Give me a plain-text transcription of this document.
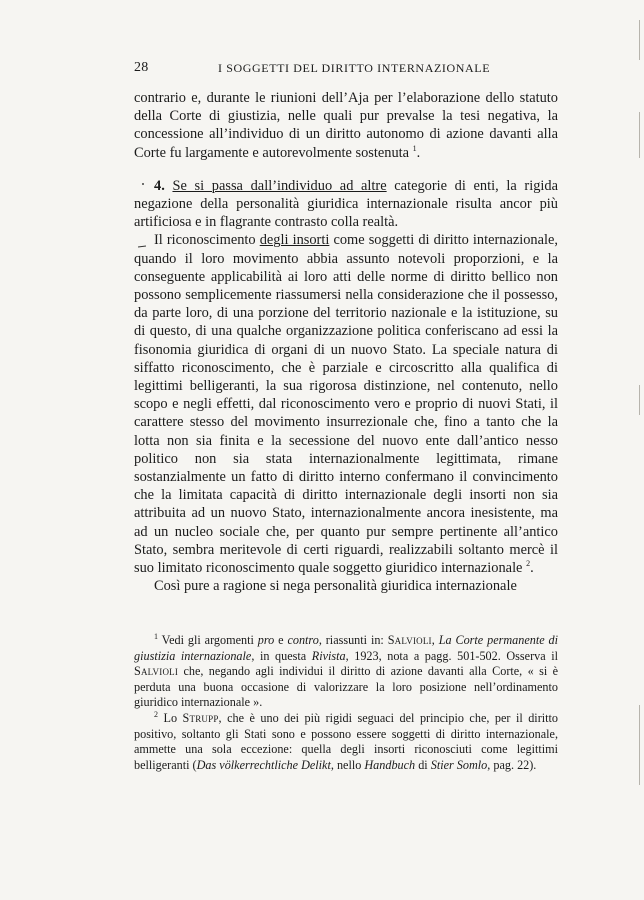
28	I SOGGETTI DEL DIRITTO INTERNAZIONALE

contrario e, durante le riunioni dell’Aja per l’elaborazione dello statuto della Corte di giustizia, nelle quali pur prevalse la tesi negativa, la concessione all’individuo di un diritto autonomo di azione davanti alla Corte fu largamente e autorevolmente sostenuta $^1$.

4. Se si passa dall’individuo ad altre categorie di enti, la rigida negazione della personalità giuridica internazionale risulta ancor più artificiosa e in flagrante contrasto colla realtà.

Il riconoscimento degli insorti come soggetti di diritto internazionale, quando il loro movimento abbia assunto notevoli proporzioni, e la conseguente applicabilità ai loro atti delle norme di diritto bellico non possono semplicemente riassumersi nella considerazione che il possesso, da parte loro, di una porzione del territorio nazionale e la istituzione, su di questo, di una qualche organizzazione politica conferiscano ad essi la fisonomia giuridica di organi di un nuovo Stato. La speciale natura di siffatto riconoscimento, che è parziale e circoscritto alla qualifica di legittimi belligeranti, la sua rigorosa distinzione, nel contenuto, nello scopo e negli effetti, dal riconoscimento vero e proprio di nuovi Stati, il carattere stesso del movimento insurrezionale che, fino a tanto che la lotta non sia finita e la secessione del nuovo ente dall’antico nesso politico non sia stata internazionalmente legittimata, rimane sostanzialmente un fatto di diritto interno confermano il convincimento che la limitata capacità di diritto internazionale degli insorti non sia attribuita ad un nuovo Stato, internazionalmente ancora inesistente, ma ad un nucleo sociale che, per quanto pur sempre pertinente all’antico Stato, sembra meritevole di certi riguardi, realizzabili soltanto mercè il suo limitato riconoscimento quale soggetto giuridico internazionale $^2$.

Così pure a ragione si nega personalità giuridica internazionale

$^1$ Vedi gli argomenti pro e contro, riassunti in: Salvioli, La Corte permanente di giustizia internazionale, in questa Rivista, 1923, nota a pagg. 501-502. Osserva il Salvioli che, negando agli individui il diritto di azione davanti alla Corte, « si è perduta una buona occasione di valorizzare la loro posizione nell’ordinamento giuridico internazionale ».

$^2$ Lo Strupp, che è uno dei più rigidi seguaci del principio che, per il diritto positivo, soltanto gli Stati sono e possono essere soggetti di diritto internazionale, ammette una sola eccezione: quella degli insorti riconosciuti come legittimi belligeranti (Das völkerrechtliche Delikt, nello Handbuch di Stier Somlo, pag. 22).
